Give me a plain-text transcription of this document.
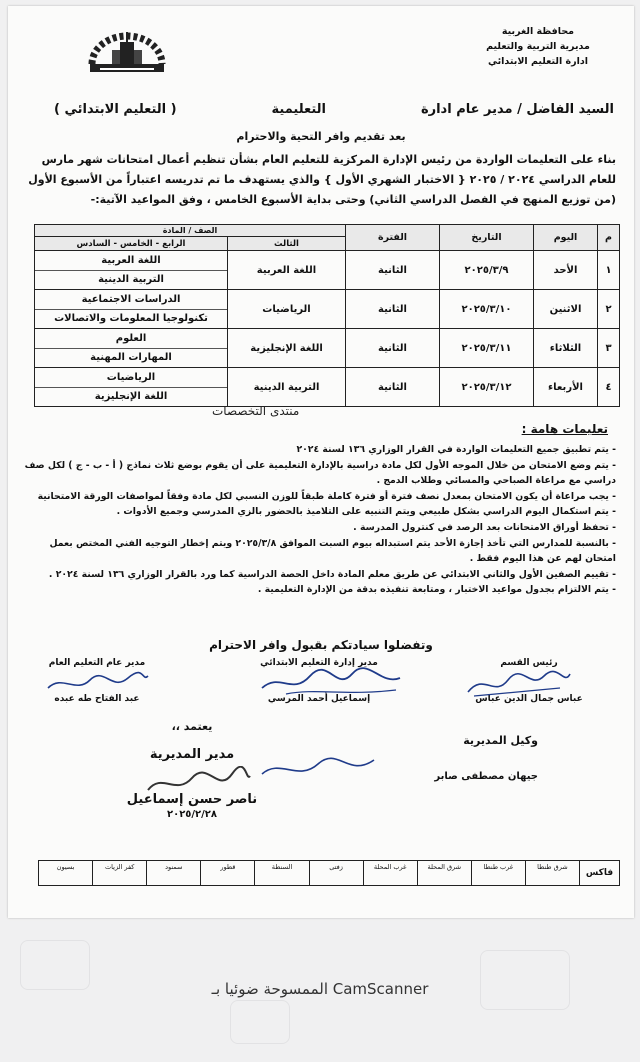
محافظة الغربية
مديرية التربية والتعليم
ادارة التعليم الابتدائي
السيد الفاضل / مدير عام ادارة
التعليمية
( التعليم الابتدائي )
بعد تقديم وافر التحية والاحترام
بناء على التعليمات الواردة من رئيس الإدارة المركزية للتعليم العام بشأن تنظيم أعمال امتحانات شهر مارس للعام الدراسي ٢٠٢٤ / ٢٠٢٥ { الاختبار الشهري الأول } والذي يستهدف ما تم تدريسه اعتباراً من الأسبوع الأول (من توزيع المنهج في الفصل الدراسي الثاني) وحتى بداية الأسبوع الخامس ، وفق المواعيد الآتية:-
م	اليوم	التاريخ	الفترة	الصف / المادة	
				الثالث	الرابع - الخامس - السادس
١	الأحد	٢٠٢٥/٣/٩	الثانية	اللغة العربية	اللغة العربية
التربية الدينية

٢	الاثنين	٢٠٢٥/٣/١٠	الثانية	الرياضيات	الدراسات الاجتماعية
تكنولوجيا المعلومات والاتصالات

٣	الثلاثاء	٢٠٢٥/٣/١١	الثانية	اللغة الإنجليزية	العلوم
المهارات المهنية

٤	الأربعاء	٢٠٢٥/٣/١٢	الثانية	التربية الدينية	الرياضيات
اللغة الإنجليزية
منتدى التخصصات
تعليمات هامة :
- يتم تطبيق جميع التعليمات الواردة في القرار الوزاري ١٣٦ لسنة ٢٠٢٤
- يتم وضع الامتحان من خلال الموجه الأول لكل مادة دراسية بالإدارة التعليمية على أن يقوم بوضع ثلاث نماذج ( أ - ب - ج ) لكل صف دراسي مع مراعاة الصباحي والمسائي وطلاب الدمج .
- يجب مراعاة أن يكون الامتحان بمعدل نصف فترة أو فترة كاملة طبقاً للوزن النسبي لكل مادة وفقاً لمواصفات الورقة الامتحانية
- يتم استكمال اليوم الدراسي بشكل طبيعي ويتم التنبيه على التلاميذ بالحضور بالزي المدرسي وجميع الأدوات .
- تحفظ أوراق الامتحانات بعد الرصد في كنترول المدرسة .
- بالنسبة للمدارس التي تأخذ إجازة الأحد يتم استبداله بيوم السبت الموافق ٢٠٢٥/٣/٨ ويتم إخطار التوجيه الفني المختص بعمل امتحان لهم عن هذا اليوم فقط .
- تقييم الصفين الأول والثاني الابتدائي عن طريق معلم المادة داخل الحصة الدراسية كما ورد بالقرار الوزاري ١٣٦ لسنة ٢٠٢٤ .
- يتم الالتزام بجدول مواعيد الاختبار ، ومتابعة تنفيذه بدقة من الإدارة التعليمية .
وتفضلوا سيادتكم بقبول وافر الاحترام
رئيس القسم
عباس جمال الدين عباس
مدير إدارة التعليم الابتدائي
إسماعيل أحمد المرسي
مدير عام التعليم العام
عبد الفتاح طه عبده
وكيل المديرية
جيهان مصطفى صابر
يعتمد ،،
مدير المديرية
ناصر حسن إسماعيل
٢٠٢٥/٢/٢٨
فاكس
شرق طنطا
غرب طنطا
شرق المحلة
غرب المحلة
زفتى
السنطة
قطور
سمنود
كفر الزيات
بسيون
الممسوحة ضوئيا بـ CamScanner
